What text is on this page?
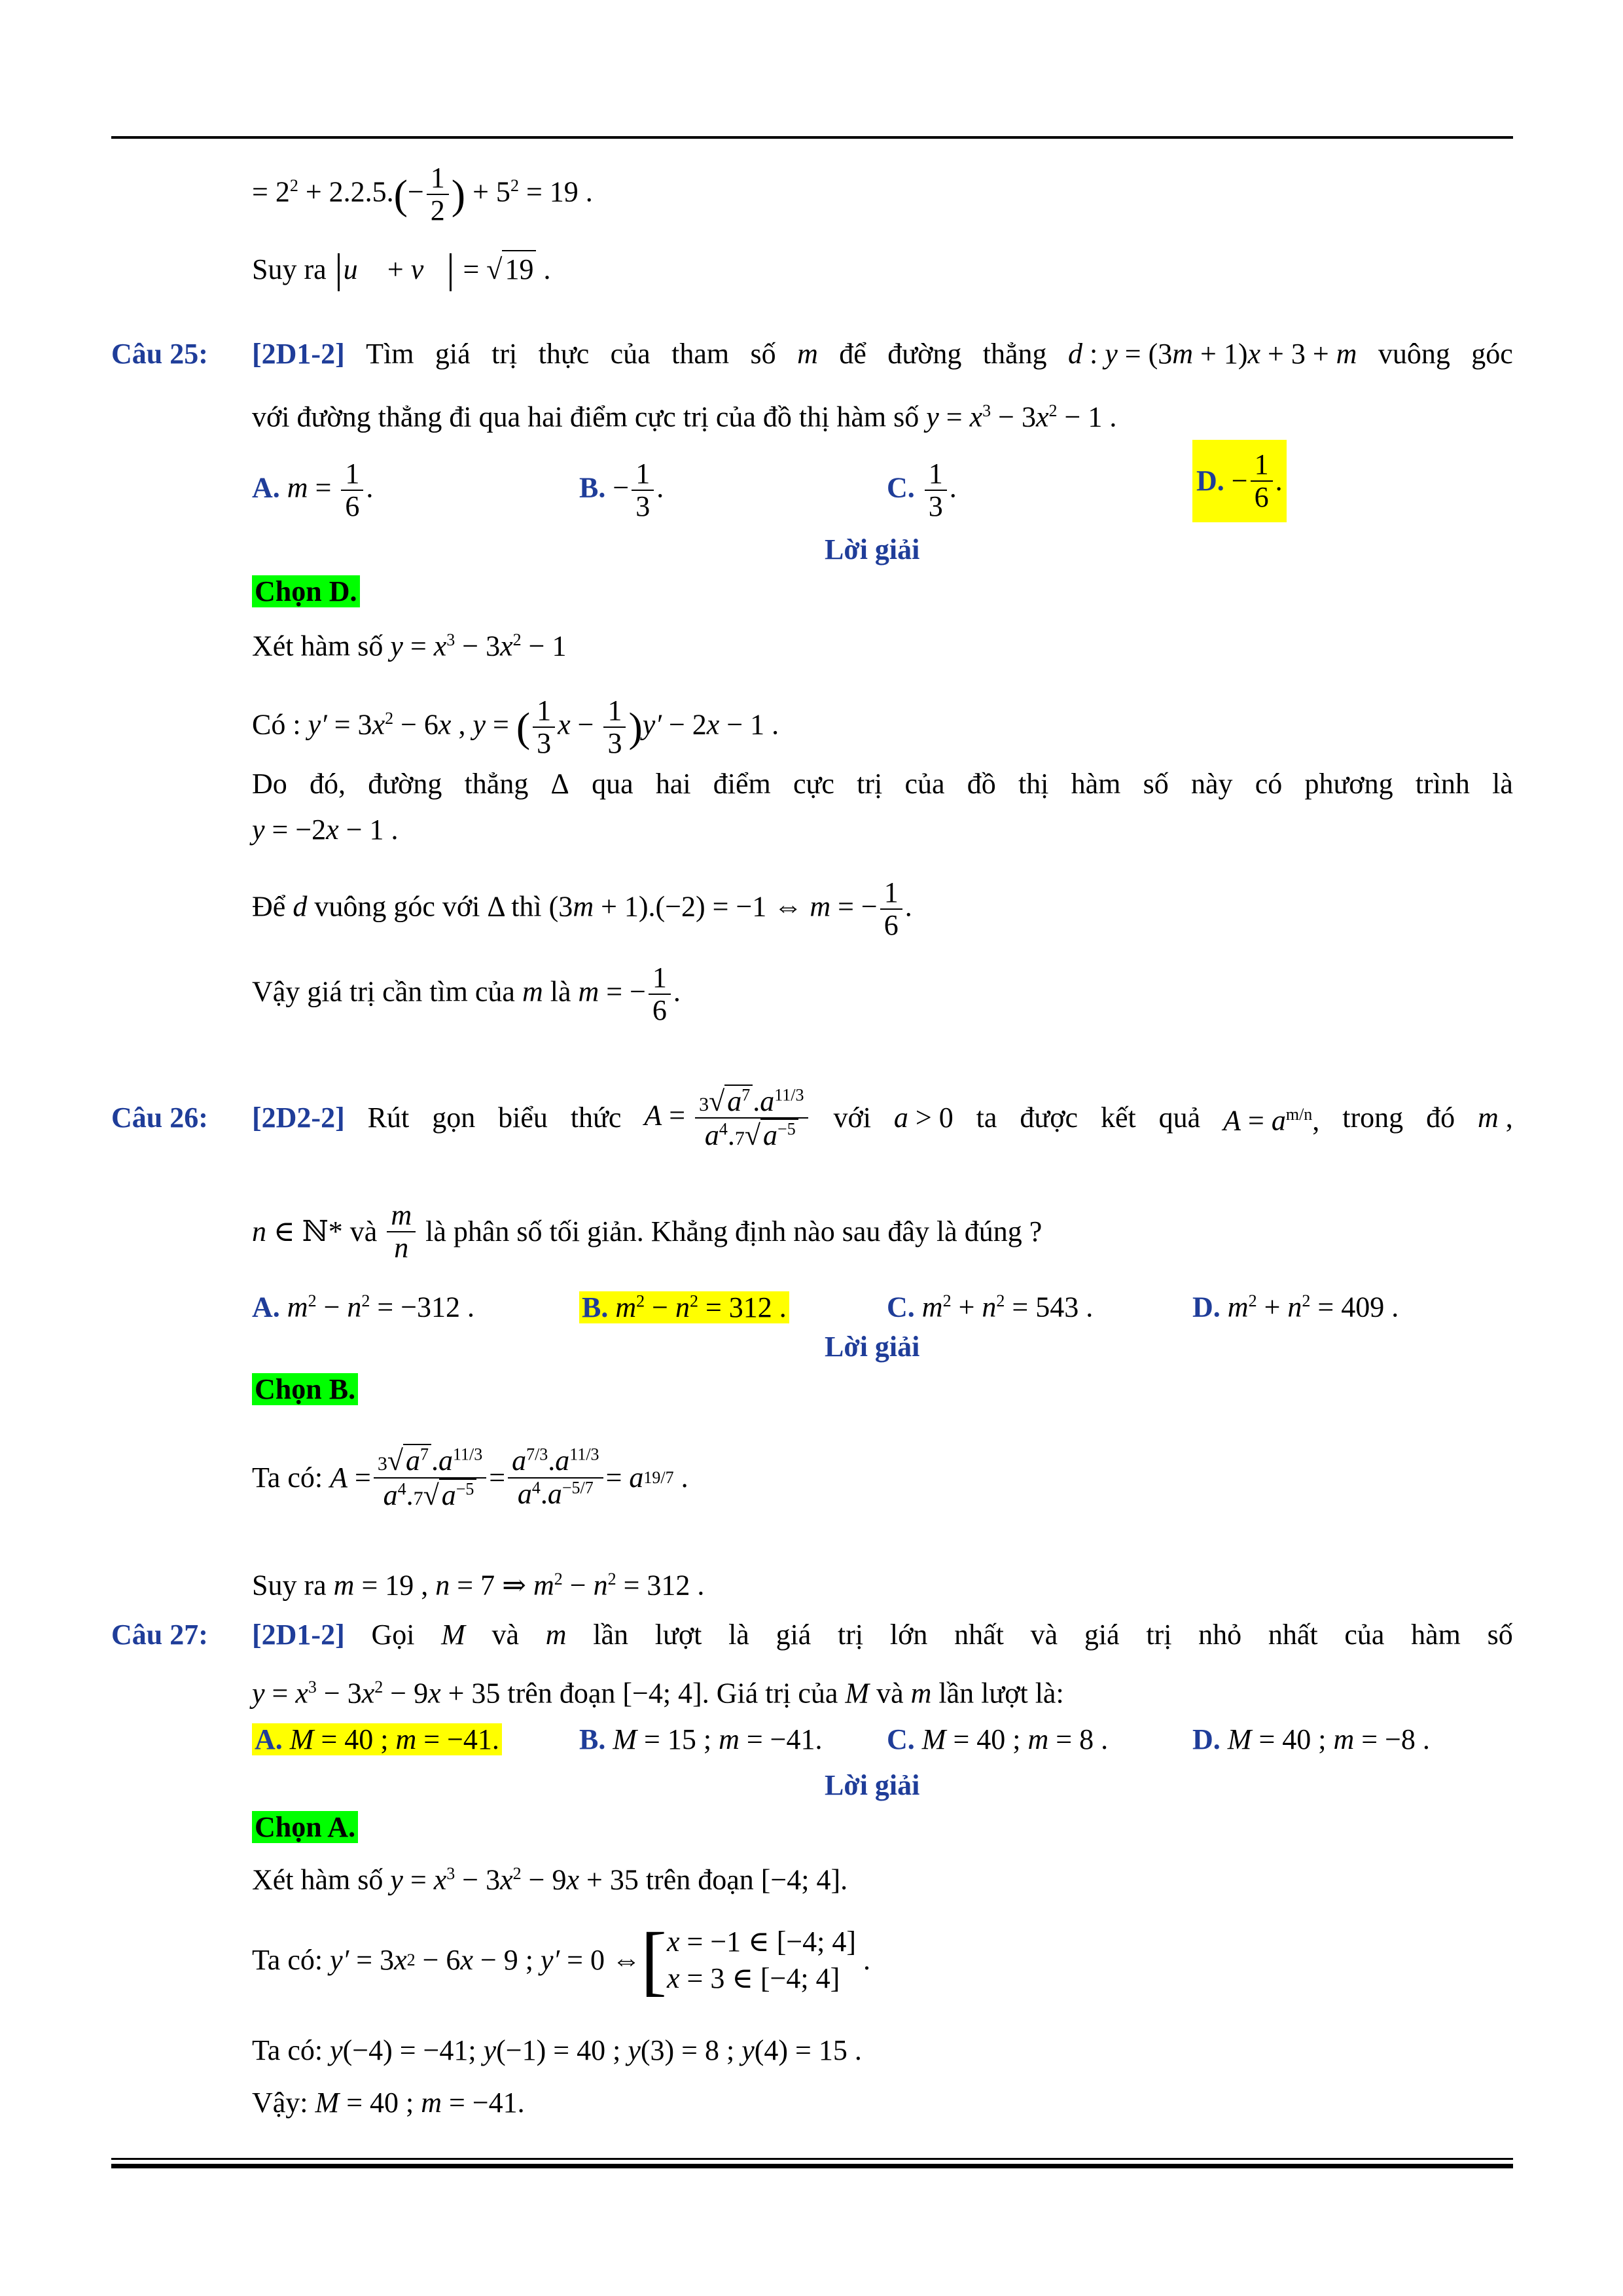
= $2^2 + 2.2.5.(- \frac{1}{2}$ ) + $5^2 = 19$ .
Suy ra u⃗ + v⃗ = √19 .
Câu 25: [2D1-2] Tìm giá trị thực của tham số m để đường thẳng d : y = (3m + 1)x + 3 + m vuông góc
với đường thẳng đi qua hai điểm cực trị của đồ thị hàm số $y = x^3 - 3x^2 - 1$ .
A. $m = \frac{1}{6}$ .	B. − $\frac{1}{3}$ .	C. $\frac{1}{3}$ .	D. − $\frac{1}{6}$ .
Lời giải
Chọn D.
Xét hàm số $y = x^3 - 3x^2 - 1$
Có : $y' = 3x^2 - 6x$ , y = ( $\frac{1}{3}$ $x - \frac{1}{3} )y' - 2x - 1$ .
Do đó, đường thẳng Δ qua hai điểm cực trị của đồ thị hàm số này có phương trình là
y = −2x − 1 .
Để d vuông góc với Δ thì (3m + 1).(−2) = −1 ⇔ m = − $\frac{1}{6}$ .
Vậy giá trị cần tìm của m là m = − $\frac{1}{6}$ .
Câu 26: [2D2-2] Rút gọn biểu thức $A = \frac{3√a^7.a^{11/3}}{a^4.7√a^{-5}}$ với a > 0 ta được kết quả $A = a^{m/n}$, trong đó m ,
n ∈ ℕ* và $\frac{m}{n}$ là phân số tối giản. Khẳng định nào sau đây là đúng ?
A. $m^2 - n^2 = -312$ .	B. $m^2 - n^2 = 312$ .	C. $m^2 + n^2 = 543$ .	D. $m^2 + n^2 = 409$ .
Lời giải
Chọn B.
Ta có: $A = \frac{3√a^7.a^{11/3}}{a^4.7√a^{-5}} = \frac{a^{7/3}.a^{11/3}}{a^4.a^{-5/7}} = a$ 19/7 .
Suy ra m = 19 , n = 7 ⇒ $m^2 - n^2 = 312$ .
Câu 27: [2D1-2] Gọi M và m lần lượt là giá trị lớn nhất và giá trị nhỏ nhất của hàm số
$y = x^3 - 3x^2 - 9x + 35$ trên đoạn [−4; 4]. Giá trị của M và m lần lượt là:
A. M = 40 ; m = −41.	B. M = 15 ; m = −41. C. M = 40 ; m = 8 .	D. M = 40 ; m = −8 .
Lời giải
Chọn A.
Xét hàm số $y = x^3 - 3x^2 - 9x + 35$ trên đoạn [−4; 4].
Ta có: y′ = 3 x 2 − 6 x − 9 ; y′ = 0 ⇔ [ x = −1 ∈ [−4; 4]
x = 3 ∈ [−4; 4]
.
Ta có: y(−4) = −41; y(−1) = 40 ; y(3) = 8 ; y(4) = 15 .
Vậy: M = 40 ; m = −41.
